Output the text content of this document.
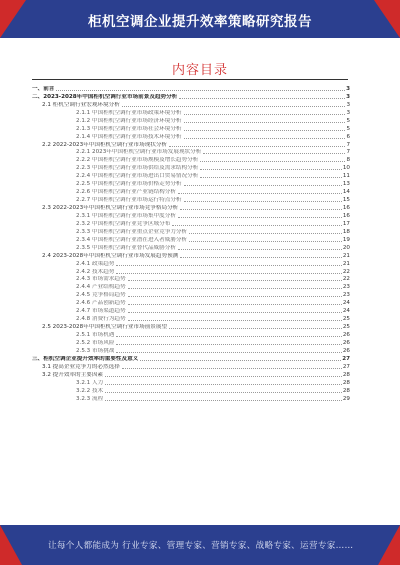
柜机空调企业提升效率策略研究报告
内容目录
一、前言	3
二、2023-2028年中国柜机空调行业市场前景及趋势分析	3
2.1 柜机空调行业宏观环境分析	3
2.1.1 中国柜机空调行业市场政策环境分析	3
2.1.2 中国柜机空调行业市场经济环境分析	5
2.1.3 中国柜机空调行业市场社会环境分析	5
2.1.4 中国柜机空调行业市场技术环境分析	6
2.2 2022-2023年中国柜机空调行业市场现状分析	7
2.2.1 2023年中国柜机空调行业市场发展现状分析	7
2.2.2 中国柜机空调行业市场规模及增长趋势分析	8
2.2.3 中国柜机空调行业市场供给及需求结构分析	10
2.2.4 中国柜机空调行业市场进出口贸易情况分析	11
2.2.5 中国柜机空调行业市场价格走势分析	13
2.2.6 中国柜机空调行业产业链结构分析	14
2.2.7 中国柜机空调行业市场运行特点分析	15
2.3 2022-2023年中国柜机空调行业市场竞争格局分析	16
2.3.1 中国柜机空调行业市场集中度分析	16
2.3.2 中国柜机空调行业竞争区域分布	17
2.3.3 中国柜机空调行业重点企业竞争力分析	18
2.3.4 中国柜机空调行业潜在进入者威胁分析	19
2.3.5 中国柜机空调行业替代品威胁分析	20
2.4 2023-2028年中国柜机空调行业市场发展趋势预测	21
2.4.1 政策趋势	21
2.4.2 技术趋势	22
2.4.3 市场需求趋势	22
2.4.4 产业结构趋势	23
2.4.5 竞争格局趋势	23
2.4.6 产品创新趋势	24
2.4.7 市场渠道趋势	24
2.4.8 消费行为趋势	25
2.5 2023-2028年中国柜机空调行业市场前景展望	25
2.5.1 市场机遇	26
2.5.2 市场风险	26
2.5.3 市场挑战	26
三、柜机空调企业提升效率的重要性及意义	27
3.1 提高企业竞争力的必然选择	27
3.2 提升效率的主要因素	28
3.2.1 人力	28
3.2.2 技术	28
3.2.3 流程	29
让每个人都能成为 行业专家、管理专家、营销专家、战略专家、运营专家……
